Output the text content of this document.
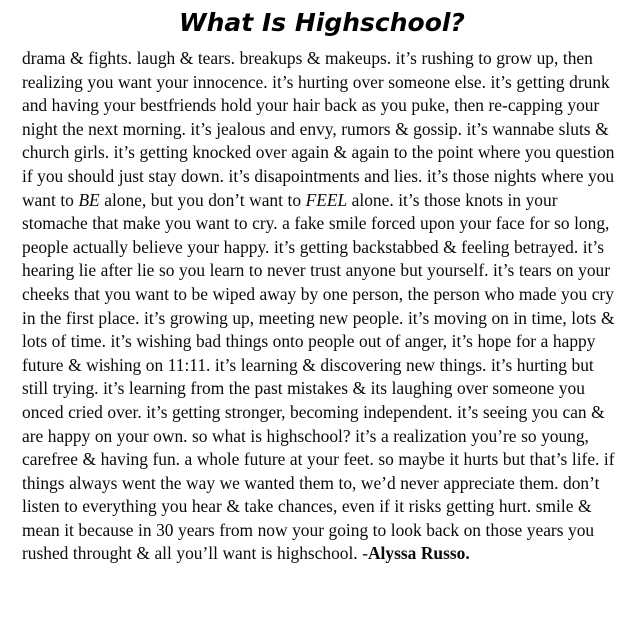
What Is Highschool?
drama & fights. laugh & tears. breakups & makeups. it’s rushing to grow up, then realizing you want your innocence. it’s hurting over someone else. it’s getting drunk and having your bestfriends hold your hair back as you puke, then re-capping your night the next morning. it’s jealous and envy, rumors & gossip. it’s wannabe sluts & church girls. it’s getting knocked over again & again to the point where you question if you should just stay down. it’s disapointments and lies. it’s those nights where you want to BE alone, but you don’t want to FEEL alone. it’s those knots in your stomache that make you want to cry. a fake smile forced upon your face for so long, people actually believe your happy. it’s getting backstabbed & feeling betrayed. it’s hearing lie after lie so you learn to never trust anyone but yourself. it’s tears on your cheeks that you want to be wiped away by one person, the person who made you cry in the first place. it’s growing up, meeting new people. it’s moving on in time, lots & lots of time. it’s wishing bad things onto people out of anger, it’s hope for a happy future & wishing on 11:11. it’s learning & discovering new things. it’s hurting but still trying. it’s learning from the past mistakes & its laughing over someone you onced cried over. it’s getting stronger, becoming independent. it’s seeing you can & are happy on your own. so what is highschool? it’s a realization you’re so young, carefree & having fun. a whole future at your feet. so maybe it hurts but that’s life. if things always went the way we wanted them to, we’d never appreciate them. don’t listen to everything you hear & take chances, even if it risks getting hurt. smile & mean it because in 30 years from now your going to look back on those years you rushed throught & all you’ll want is highschool. -Alyssa Russo.
